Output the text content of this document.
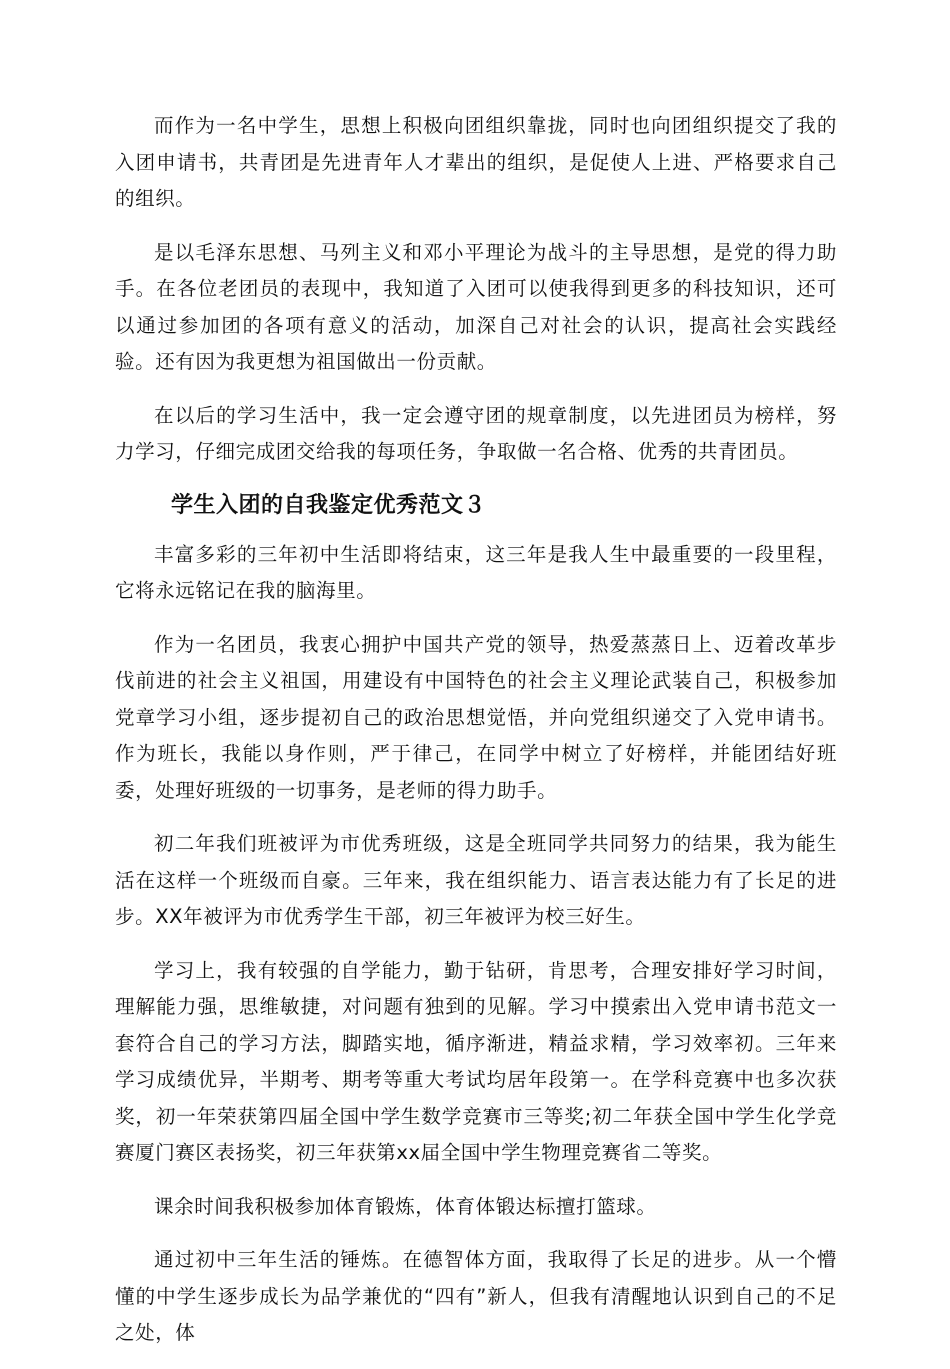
而作为一名中学生，思想上积极向团组织靠拢，同时也向团组织提交了我的入团申请书，共青团是先进青年人才辈出的组织，是促使人上进、严格要求自己的组织。

是以毛泽东思想、马列主义和邓小平理论为战斗的主导思想，是党的得力助手。在各位老团员的表现中，我知道了入团可以使我得到更多的科技知识，还可以通过参加团的各项有意义的活动，加深自己对社会的认识，提高社会实践经验。还有因为我更想为祖国做出一份贡献。

在以后的学习生活中，我一定会遵守团的规章制度，以先进团员为榜样，努力学习，仔细完成团交给我的每项任务，争取做一名合格、优秀的共青团员。

学生入团的自我鉴定优秀范文３

丰富多彩的三年初中生活即将结束，这三年是我人生中最重要的一段里程，它将永远铭记在我的脑海里。

作为一名团员，我衷心拥护中国共产党的领导，热爱蒸蒸日上、迈着改革步伐前进的社会主义祖国，用建设有中国特色的社会主义理论武装自己，积极参加党章学习小组，逐步提初自己的政治思想觉悟，并向党组织递交了入党申请书。作为班长，我能以身作则，严于律己，在同学中树立了好榜样，并能团结好班委，处理好班级的一切事务，是老师的得力助手。

初二年我们班被评为市优秀班级，这是全班同学共同努力的结果，我为能生活在这样一个班级而自豪。三年来，我在组织能力、语言表达能力有了长足的进步。XX年被评为市优秀学生干部，初三年被评为校三好生。

学习上，我有较强的自学能力，勤于钻研，肯思考，合理安排好学习时间，理解能力强，思维敏捷，对问题有独到的见解。学习中摸索出入党申请书范文一套符合自己的学习方法，脚踏实地，循序渐进，精益求精，学习效率初。三年来学习成绩优异，半期考、期考等重大考试均居年段第一。在学科竞赛中也多次获奖，初一年荣获第四届全国中学生数学竞赛市三等奖;初二年获全国中学生化学竞赛厦门赛区表扬奖，初三年获第xx届全国中学生物理竞赛省二等奖。

课余时间我积极参加体育锻炼，体育体锻达标擅打篮球。

通过初中三年生活的锤炼。在德智体方面，我取得了长足的进步。从一个懵懂的中学生逐步成长为品学兼优的“四有”新人，但我有清醒地认识到自己的不足之处，体
